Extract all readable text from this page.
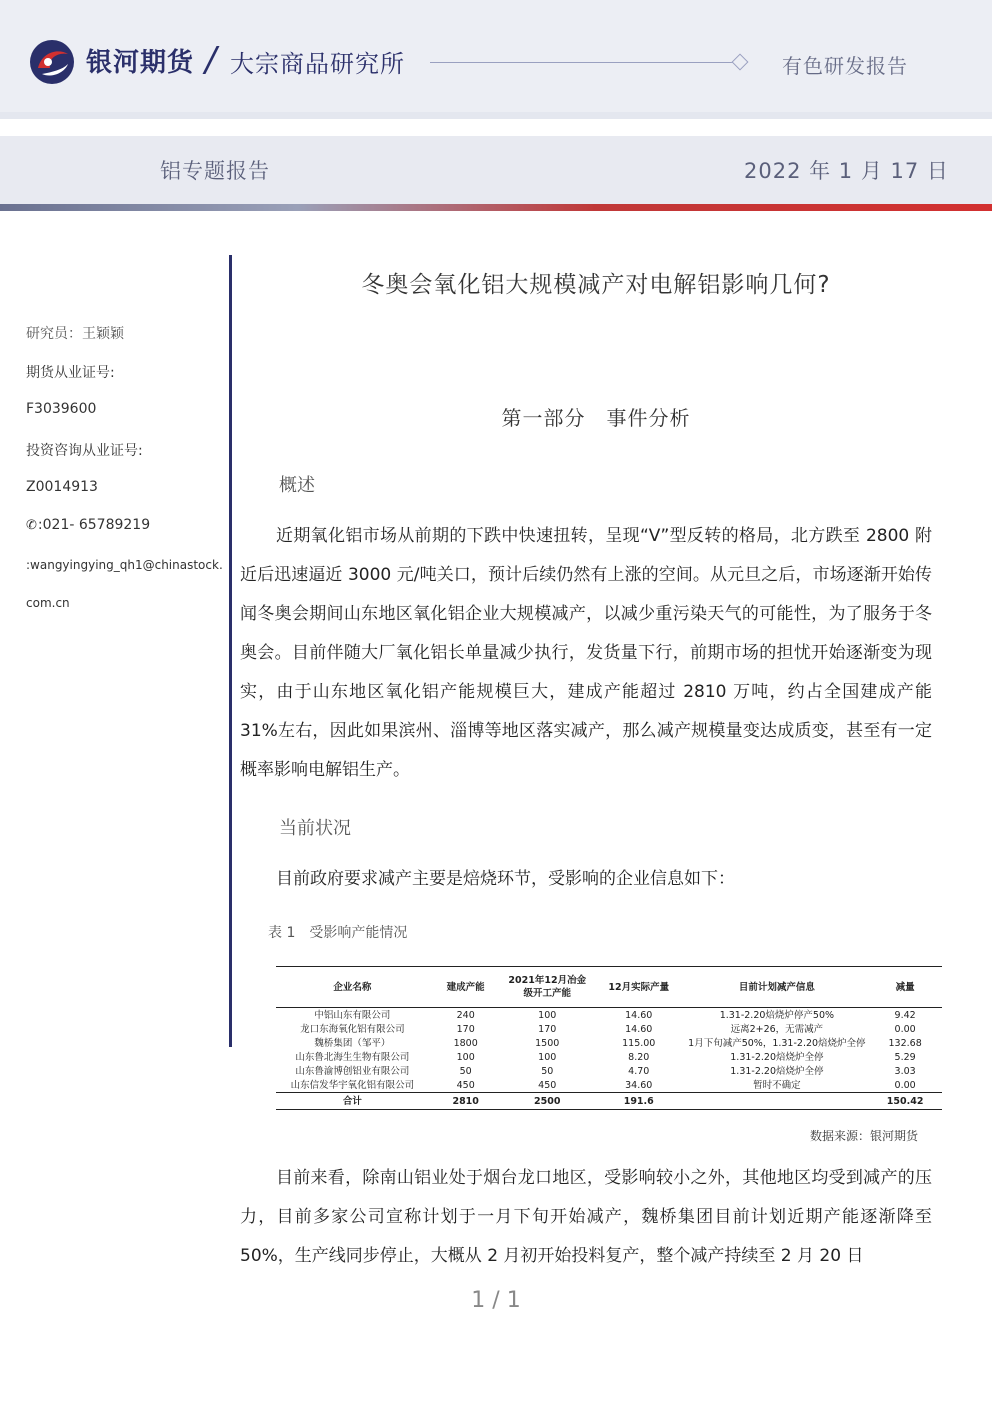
银河期货 / 大宗商品研究所	有色研发报告
铝专题报告	2022 年 1 月 17 日
研究员：王颖颖
期货从业证号:
F3039600
投资咨询从业证号:
Z0014913
✆:021- 65789219
:wangyingying_qh1@chinastock.com.cn
冬奥会氧化铝大规模减产对电解铝影响几何?
第一部分　事件分析
概述
近期氧化铝市场从前期的下跌中快速扭转，呈现“V”型反转的格局，北方跌至 2800 附近后迅速逼近 3000 元/吨关口，预计后续仍然有上涨的空间。从元旦之后，市场逐渐开始传闻冬奥会期间山东地区氧化铝企业大规模减产，以减少重污染天气的可能性，为了服务于冬奥会。目前伴随大厂氧化铝长单量减少执行，发货量下行，前期市场的担忧开始逐渐变为现实，由于山东地区氧化铝产能规模巨大，建成产能超过 2810 万吨，约占全国建成产能 31%左右，因此如果滨州、淄博等地区落实减产，那么减产规模量变达成质变，甚至有一定概率影响电解铝生产。
当前状况
目前政府要求减产主要是焙烧环节，受影响的企业信息如下：
表 1　受影响产能情况
企业名称	建成产能	2021年12月冶金级开工产能	12月实际产量	目前计划减产信息	减量
中铝山东有限公司	240	100	14.60	1.31-2.20焙烧炉停产50%	9.42
龙口东海氧化铝有限公司	170	170	14.60	远离2+26，无需减产	0.00
魏桥集团（邹平）	1800	1500	115.00	1月下旬减产50%，1.31-2.20焙烧炉全停	132.68
山东鲁北海生生物有限公司	100	100	8.20	1.31-2.20焙烧炉全停	5.29
山东鲁渝博创铝业有限公司	50	50	4.70	1.31-2.20焙烧炉全停	3.03
山东信发华宇氧化铝有限公司	450	450	34.60	暂时不确定	0.00
合计	2810	2500	191.6		150.42
数据来源：银河期货
目前来看，除南山铝业处于烟台龙口地区，受影响较小之外，其他地区均受到减产的压力，目前多家公司宣称计划于一月下旬开始减产，魏桥集团目前计划近期产能逐渐降至 50%，生产线同步停止，大概从 2 月初开始投料复产，整个减产持续至 2 月 20 日
1 / 1
